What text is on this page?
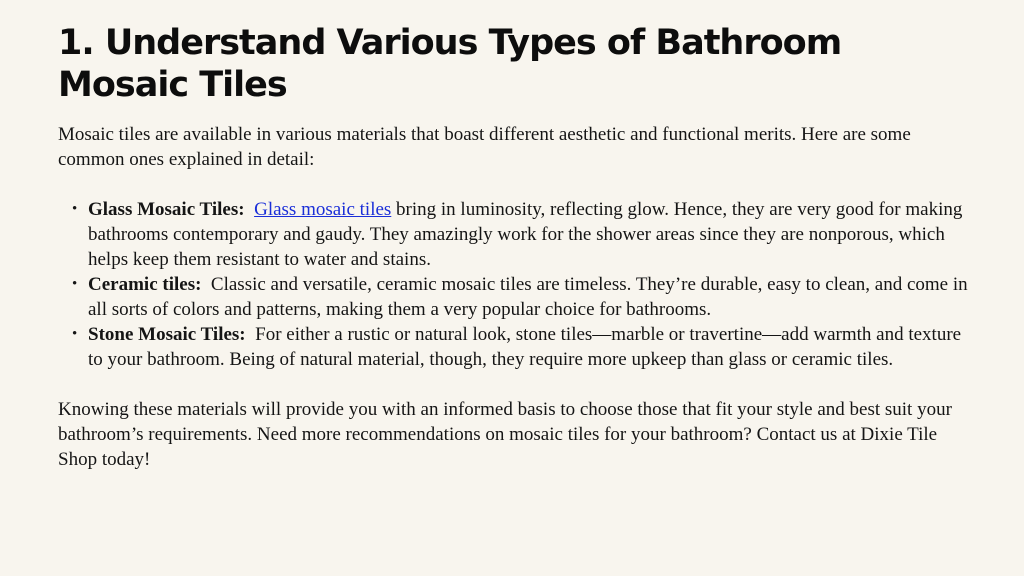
1. Understand Various Types of Bathroom Mosaic Tiles

Mosaic tiles are available in various materials that boast different aesthetic and functional merits. Here are some common ones explained in detail:

• Glass Mosaic Tiles: Glass mosaic tiles bring in luminosity, reflecting glow. Hence, they are very good for making bathrooms contemporary and gaudy. They amazingly work for the shower areas since they are nonporous, which helps keep them resistant to water and stains.
• Ceramic tiles: Classic and versatile, ceramic mosaic tiles are timeless. They’re durable, easy to clean, and come in all sorts of colors and patterns, making them a very popular choice for bathrooms.
• Stone Mosaic Tiles: For either a rustic or natural look, stone tiles—marble or travertine—add warmth and texture to your bathroom. Being of natural material, though, they require more upkeep than glass or ceramic tiles.

Knowing these materials will provide you with an informed basis to choose those that fit your style and best suit your bathroom’s requirements. Need more recommendations on mosaic tiles for your bathroom? Contact us at Dixie Tile Shop today!
